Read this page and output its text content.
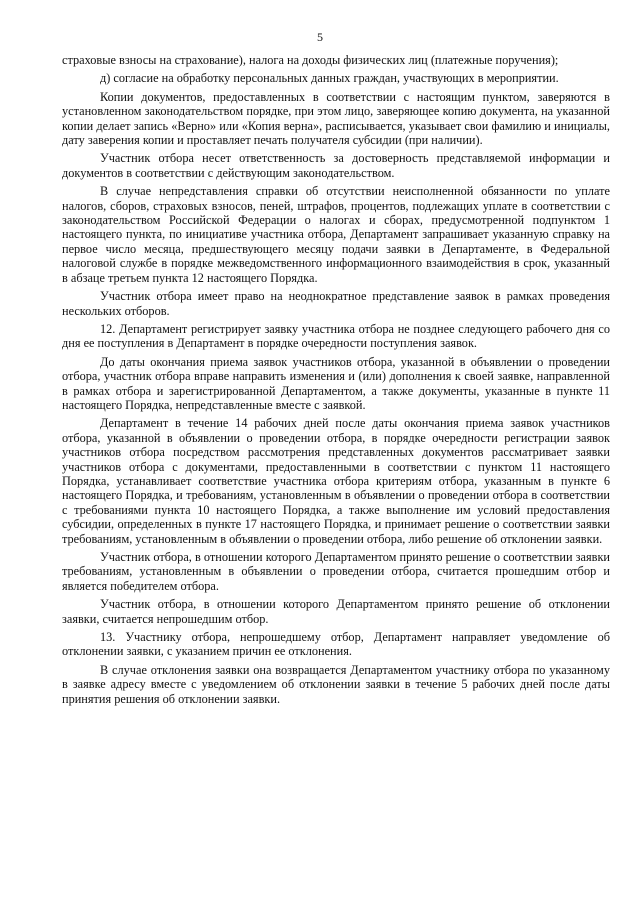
5

страховые взносы на страхование), налога на доходы физических лиц (платежные поручения);

д) согласие на обработку персональных данных граждан, участвующих в мероприятии.

Копии документов, предоставленных в соответствии с настоящим пунктом, заверяются в установленном законодательством порядке, при этом лицо, заверяющее копию документа, на указанной копии делает запись «Верно» или «Копия верна», расписывается, указывает свои фамилию и инициалы, дату заверения копии и проставляет печать получателя субсидии (при наличии).

Участник отбора несет ответственность за достоверность представляемой информации и документов в соответствии с действующим законодательством.

В случае непредставления справки об отсутствии неисполненной обязанности по уплате налогов, сборов, страховых взносов, пеней, штрафов, процентов, подлежащих уплате в соответствии с законодательством Российской Федерации о налогах и сборах, предусмотренной подпунктом 1 настоящего пункта, по инициативе участника отбора, Департамент запрашивает указанную справку на первое число месяца, предшествующего месяцу подачи заявки в Департаменте, в Федеральной налоговой службе в порядке межведомственного информационного взаимодействия в срок, указанный в абзаце третьем пункта 12 настоящего Порядка.

Участник отбора имеет право на неоднократное представление заявок в рамках проведения нескольких отборов.

12. Департамент регистрирует заявку участника отбора не позднее следующего рабочего дня со дня ее поступления в Департамент в порядке очередности поступления заявок.

До даты окончания приема заявок участников отбора, указанной в объявлении о проведении отбора, участник отбора вправе направить изменения и (или) дополнения к своей заявке, направленной в рамках отбора и зарегистрированной Департаментом, а также документы, указанные в пункте 11 настоящего Порядка, непредставленные вместе с заявкой.

Департамент в течение 14 рабочих дней после даты окончания приема заявок участников отбора, указанной в объявлении о проведении отбора, в порядке очередности регистрации заявок участников отбора посредством рассмотрения представленных документов рассматривает заявки участников отбора с документами, предоставленными в соответствии с пунктом 11 настоящего Порядка, устанавливает соответствие участника отбора критериям отбора, указанным в пункте 6 настоящего Порядка, и требованиям, установленным в объявлении о проведении отбора в соответствии с требованиями пункта 10 настоящего Порядка, а также выполнение им условий предоставления субсидии, определенных в пункте 17 настоящего Порядка, и принимает решение о соответствии заявки требованиям, установленным в объявлении о проведении отбора, либо решение об отклонении заявки.

Участник отбора, в отношении которого Департаментом принято решение о соответствии заявки требованиям, установленным в объявлении о проведении отбора, считается прошедшим отбор и является победителем отбора.

Участник отбора, в отношении которого Департаментом принято решение об отклонении заявки, считается непрошедшим отбор.

13. Участнику отбора, непрошедшему отбор, Департамент направляет уведомление об отклонении заявки, с указанием причин ее отклонения.

В случае отклонения заявки она возвращается Департаментом участнику отбора по указанному в заявке адресу вместе с уведомлением об отклонении заявки в течение 5 рабочих дней после даты принятия решения об отклонении заявки.
